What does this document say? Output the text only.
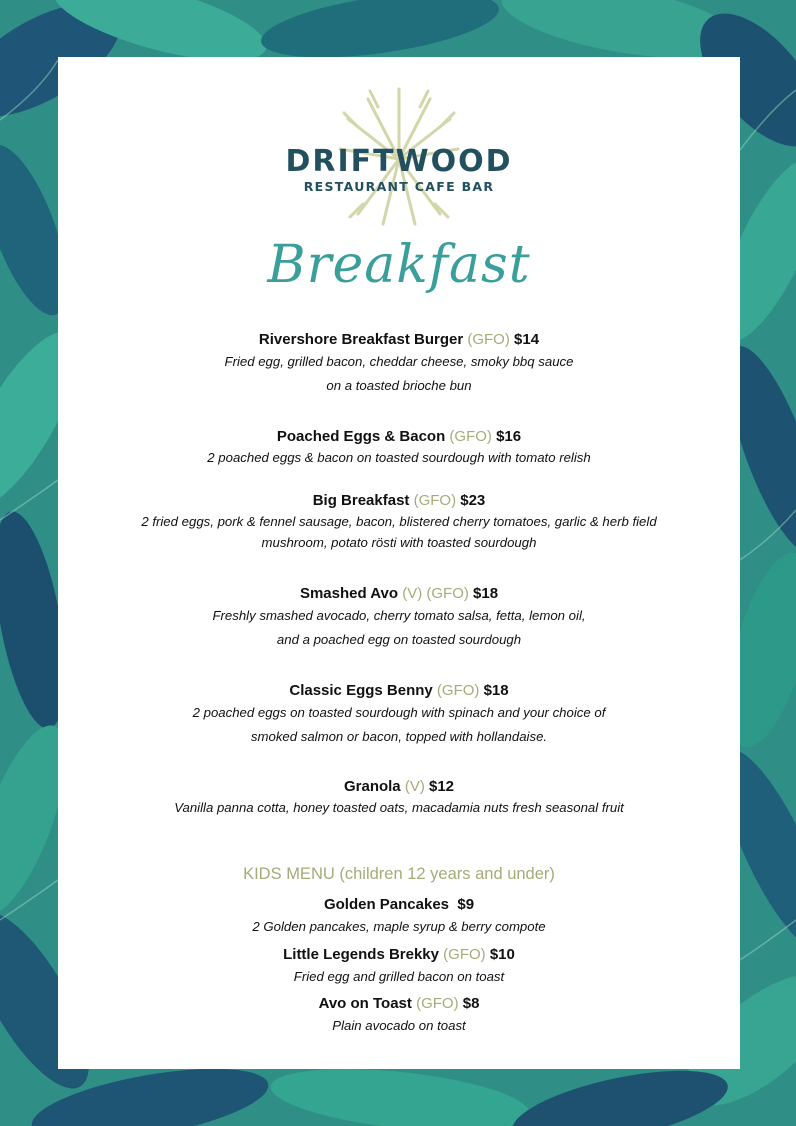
DRIFTWOOD
RESTAURANT CAFE BAR
Breakfast
Rivershore Breakfast Burger (GFO) $14
Fried egg, grilled bacon, cheddar cheese, smoky bbq sauce
on a toasted brioche bun
Poached Eggs & Bacon (GFO) $16
2 poached eggs & bacon on toasted sourdough with tomato relish
Big Breakfast (GFO) $23
2 fried eggs, pork & fennel sausage, bacon, blistered cherry tomatoes, garlic & herb field
mushroom, potato rösti with toasted sourdough
Smashed Avo (V) (GFO) $18
Freshly smashed avocado, cherry tomato salsa, fetta, lemon oil,
and a poached egg on toasted sourdough
Classic Eggs Benny (GFO) $18
2 poached eggs on toasted sourdough with spinach and your choice of
smoked salmon or bacon, topped with hollandaise.
Granola (V) $12
Vanilla panna cotta, honey toasted oats, macadamia nuts fresh seasonal fruit
KIDS MENU (children 12 years and under)
Golden Pancakes $9
2 Golden pancakes, maple syrup & berry compote
Little Legends Brekky (GFO) $10
Fried egg and grilled bacon on toast
Avo on Toast (GFO) $8
Plain avocado on toast
menupix
